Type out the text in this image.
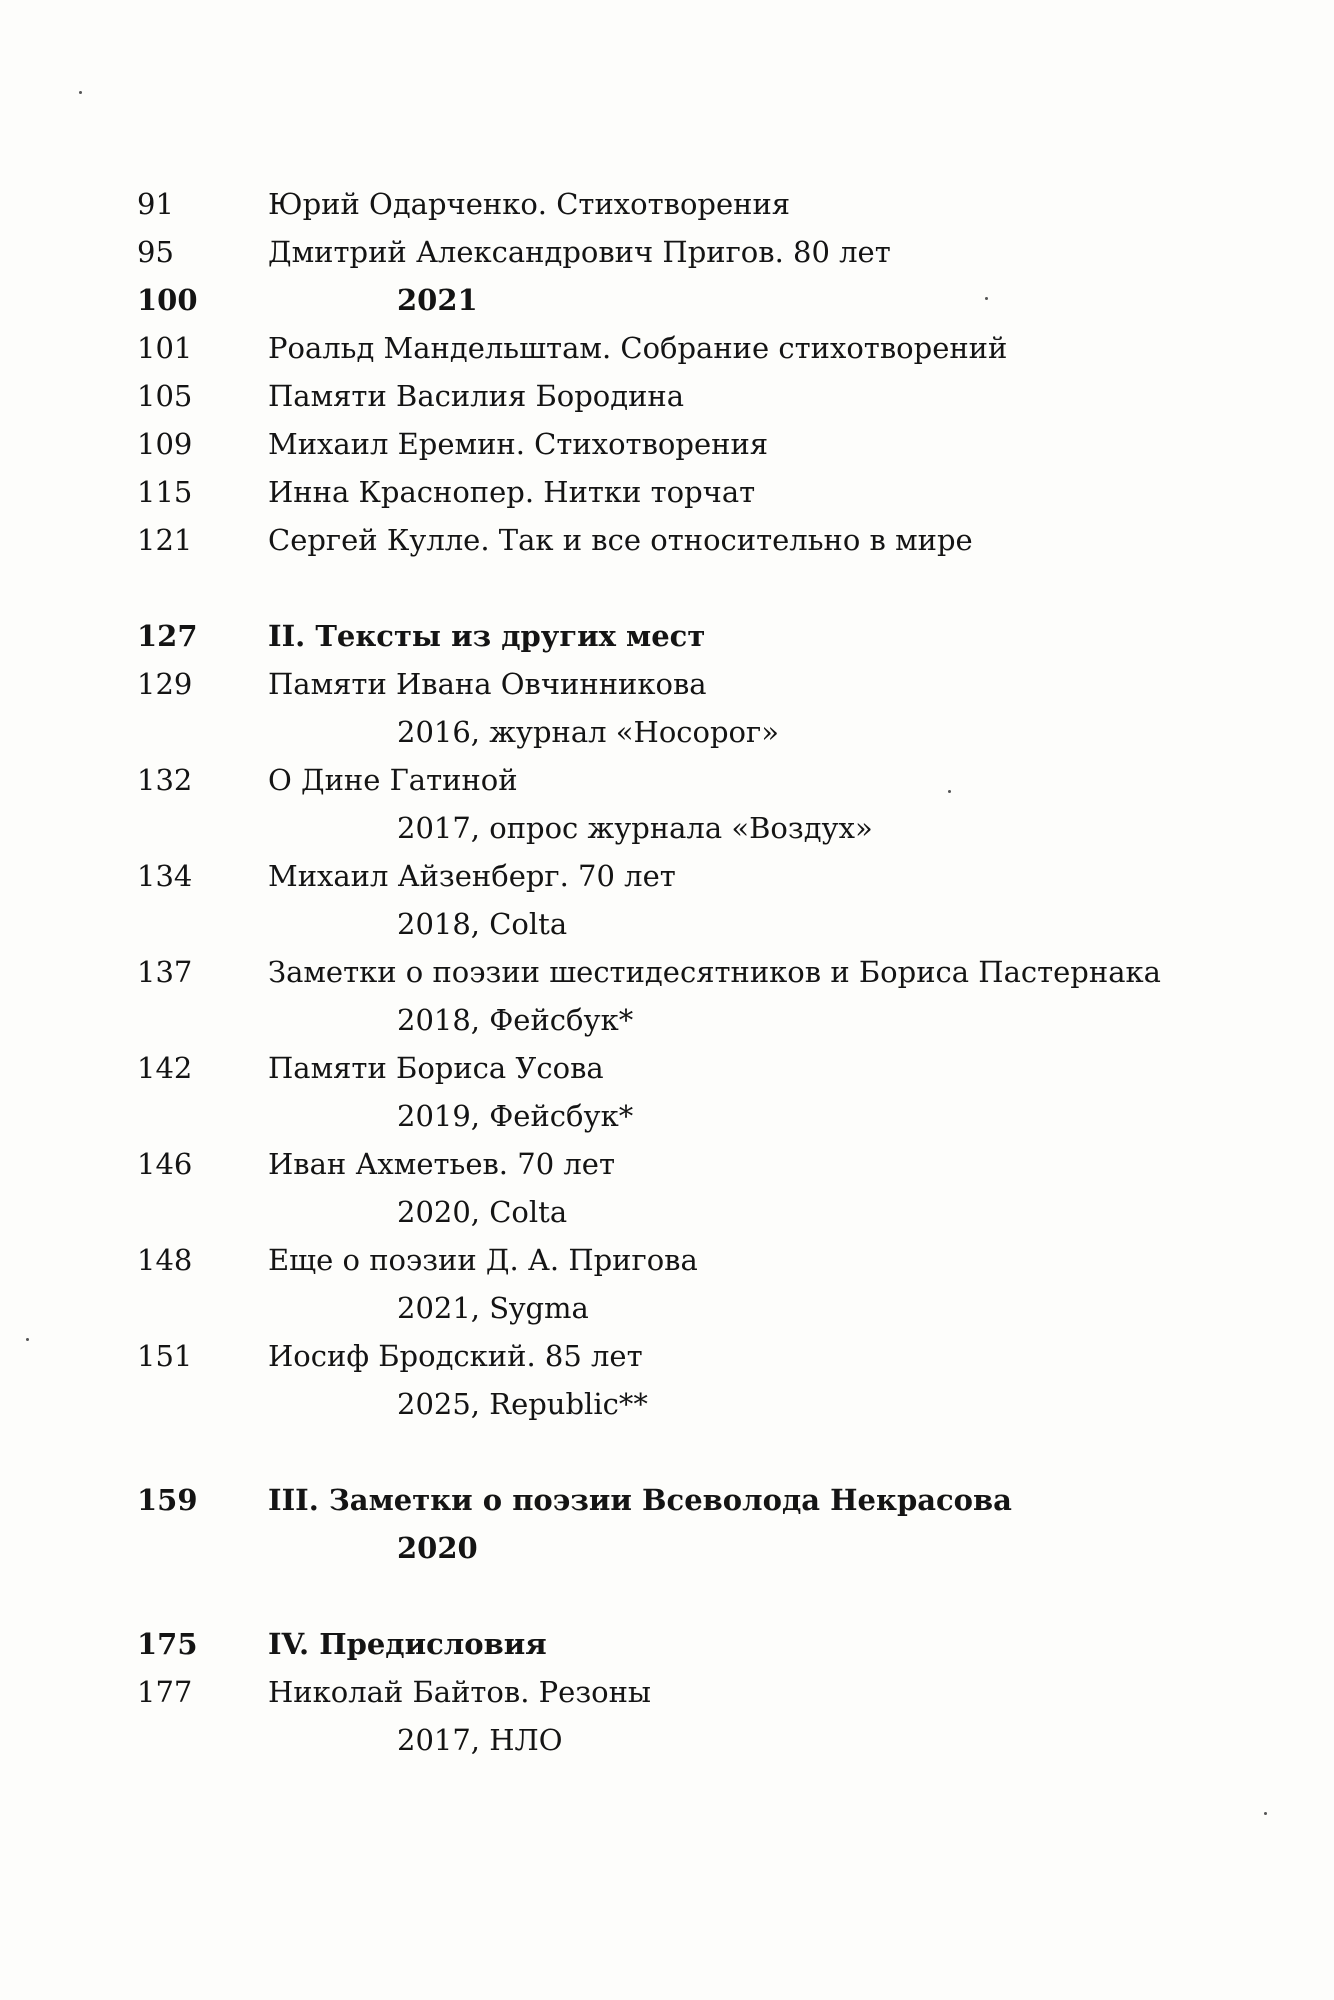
91	Юрий Одарченко. Стихотворения
95	Дмитрий Александрович Пригов. 80 лет
100	2021
101	Роальд Мандельштам. Собрание стихотворений
105	Памяти Василия Бородина
109	Михаил Еремин. Стихотворения
115	Инна Краснопер. Нитки торчат
121	Сергей Кулле. Так и все относительно в мире
127 II. Тексты из других мест
129	Памяти Ивана Овчинникова
2016, журнал «Носорог»
132	О Дине Гатиной
2017, опрос журнала «Воздух»
134	Михаил Айзенберг. 70 лет
2018, Colta
137	Заметки о поэзии шестидесятников и Бориса Пастернака
2018, Фейсбук*
142	Памяти Бориса Усова
2019, Фейсбук*
146	Иван Ахметьев. 70 лет
2020, Colta
148	Еще о поэзии Д. А. Пригова
2021, Sygma
151	Иосиф Бродский. 85 лет
2025, Republic**
159 III. Заметки о поэзии Всеволода Некрасова
2020
175 IV. Предисловия
177	Николай Байтов. Резоны
2017, НЛО
